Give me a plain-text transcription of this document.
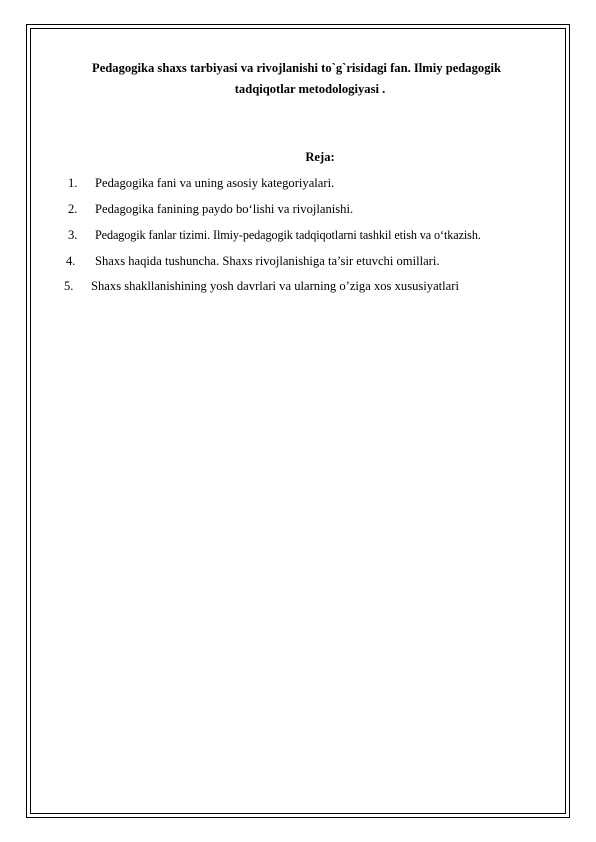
Pedagogika shaxs tarbiyasi va rivojlanishi to`g`risidagi fan. Ilmiy pedagogik
tadqiqotlar metodologiyasi .
Reja:
1. Pedagogika fani va uning asosiy kategoriyalari.
2. Pedagogika fanining paydo bo‘lishi va rivojlanishi.
3. Pedagogik fanlar tizimi. Ilmiy-pedagogik tadqiqotlarni tashkil etish va o‘tkazish.
4. Shaxs haqida tushuncha. Shaxs rivojlanishiga ta’sir etuvchi omillari.
5. Shaxs shakllanishining yosh davrlari va ularning o’ziga xos xususiyatlari
